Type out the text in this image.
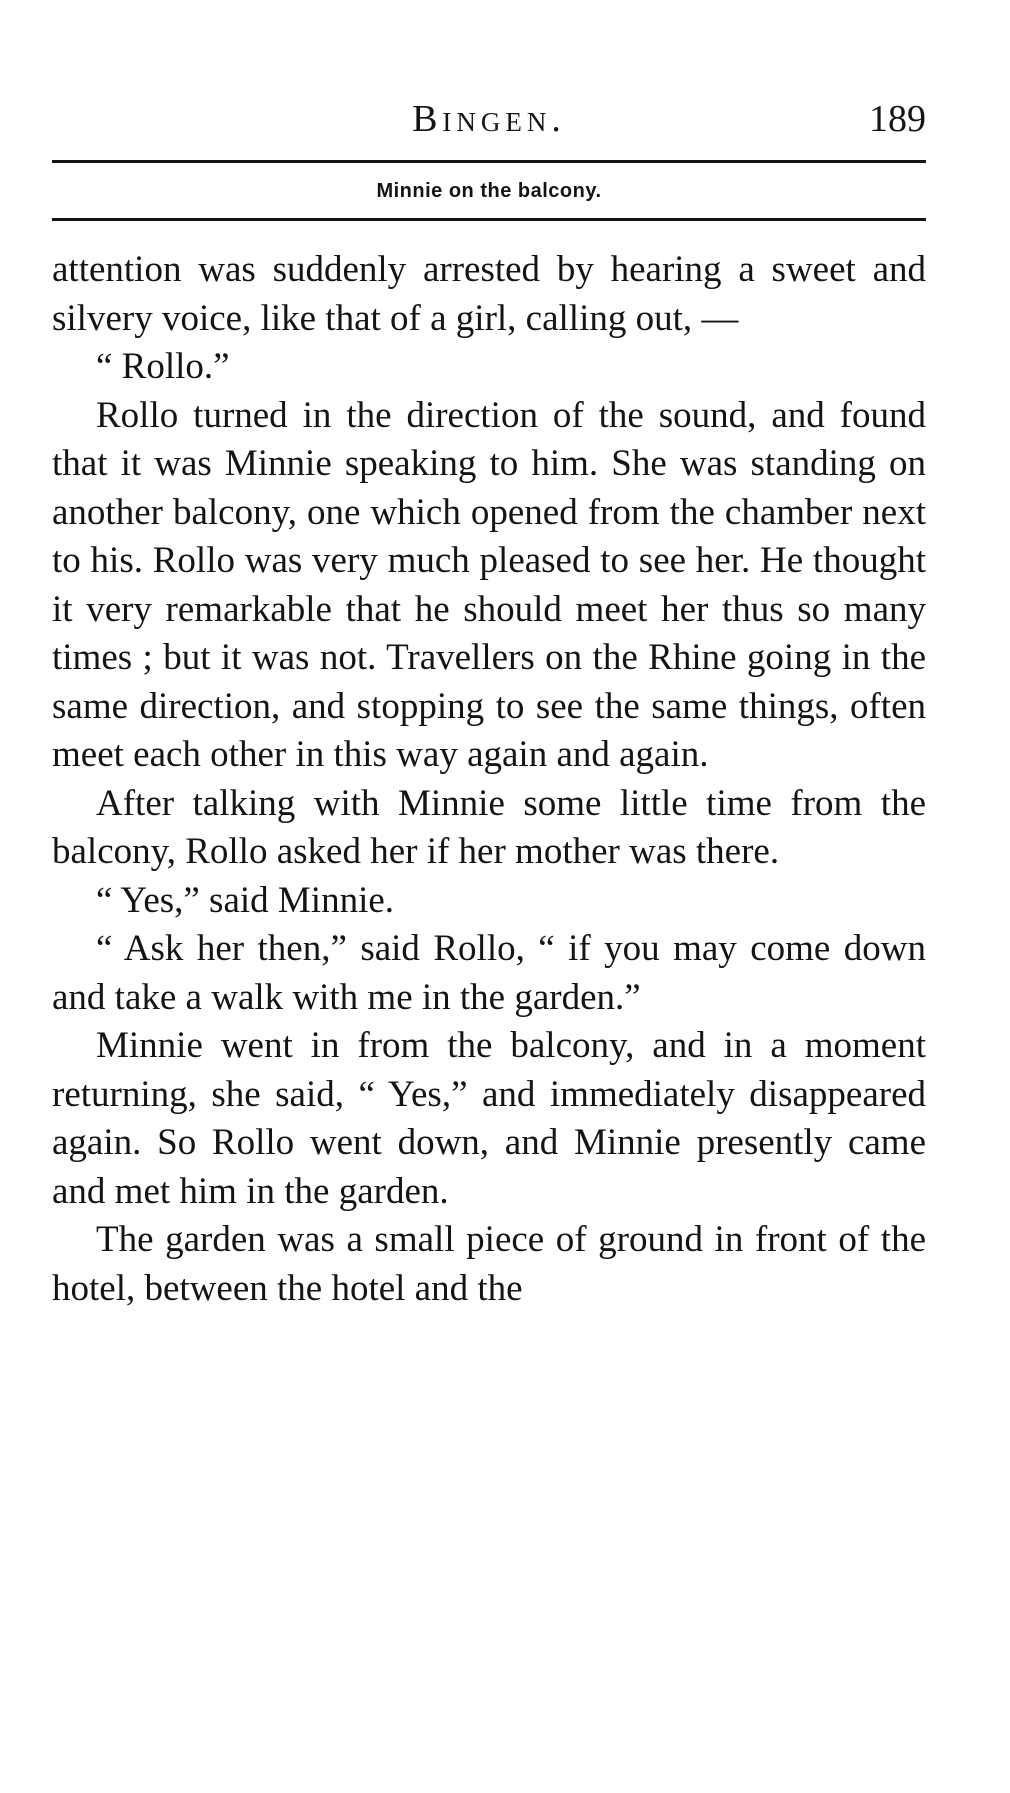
Bingen.	189
Minnie on the balcony.

attention was suddenly arrested by hearing a sweet and silvery voice, like that of a girl, calling out, —

“ Rollo.”

Rollo turned in the direction of the sound, and found that it was Minnie speaking to him. She was standing on another balcony, one which opened from the chamber next to his. Rollo was very much pleased to see her. He thought it very remarkable that he should meet her thus so many times ; but it was not. Travellers on the Rhine going in the same direction, and stopping to see the same things, often meet each other in this way again and again.

After talking with Minnie some little time from the balcony, Rollo asked her if her mother was there.

“ Yes,” said Minnie.

“ Ask her then,” said Rollo, “ if you may come down and take a walk with me in the garden.”

Minnie went in from the balcony, and in a moment returning, she said, “ Yes,” and immediately disappeared again. So Rollo went down, and Minnie presently came and met him in the garden.

The garden was a small piece of ground in front of the hotel, between the hotel and the
